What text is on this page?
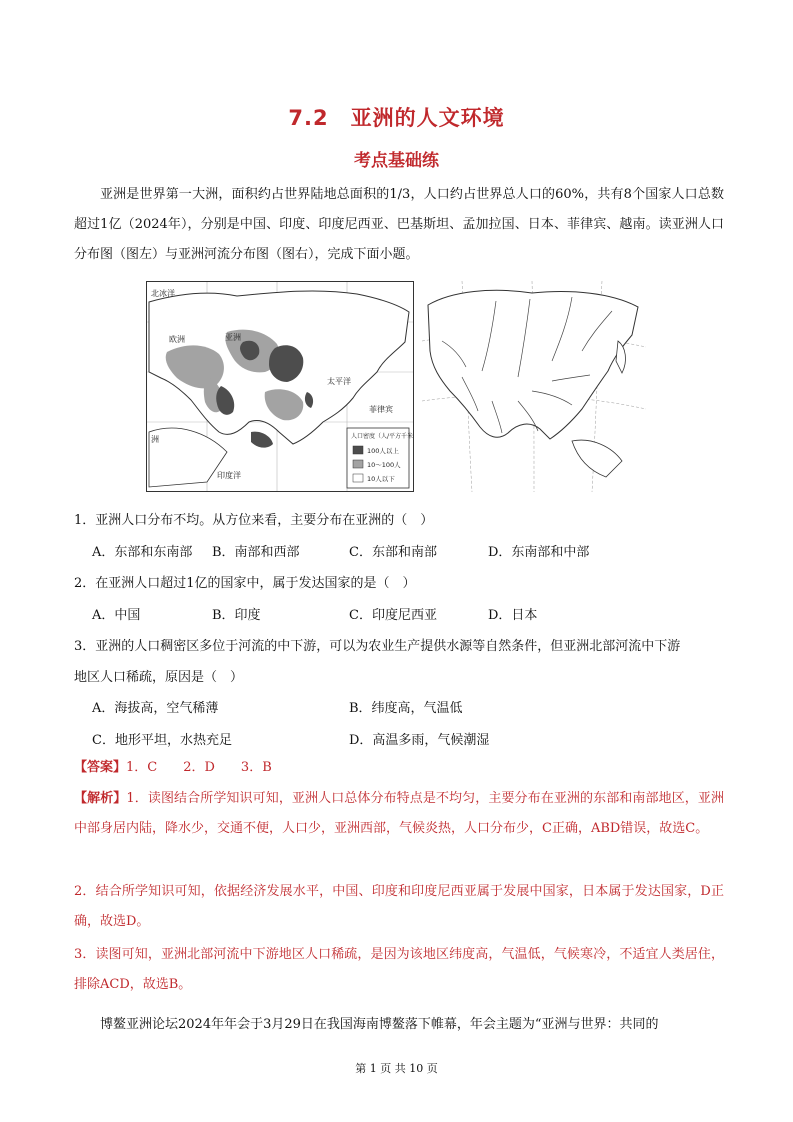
7.2　亚洲的人文环境
考点基础练
亚洲是世界第一大洲，面积约占世界陆地总面积的1/3，人口约占世界总人口的60%，共有8个国家人口总数超过1亿（2024年），分别是中国、印度、印度尼西亚、巴基斯坦、孟加拉国、日本、菲律宾、越南。读亚洲人口分布图（图左）与亚洲河流分布图（图右），完成下面小题。
北冰洋
欧洲	亚洲
太平洋
洲
印度洋
菲律宾
人口密度（人/平方千米）
100人以上
10～100人
10人以下
1．亚洲人口分布不均。从方位来看，主要分布在亚洲的（　）
A．东部和东南部 B．南部和西部	C．东部和南部	D．东南部和中部
2．在亚洲人口超过1亿的国家中，属于发达国家的是（　）
A．中国	B．印度	C．印度尼西亚	D．日本
3．亚洲的人口稠密区多位于河流的中下游，可以为农业生产提供水源等自然条件，但亚洲北部河流中下游
地区人口稀疏，原因是（　）
A．海拔高，空气稀薄	B．纬度高，气温低
C．地形平坦，水热充足	D．高温多雨，气候潮湿
【答案】1．C  2．D  3．B
【解析】1．读图结合所学知识可知，亚洲人口总体分布特点是不均匀，主要分布在亚洲的东部和南部地区，亚洲中部身居内陆，降水少，交通不便，人口少，亚洲西部，气候炎热，人口分布少，C正确，ABD错误，故选C。
2．结合所学知识可知，依据经济发展水平，中国、印度和印度尼西亚属于发展中国家，日本属于发达国家，D正确，故选D。
3．读图可知，亚洲北部河流中下游地区人口稀疏，是因为该地区纬度高，气温低，气候寒冷，不适宜人类居住，排除ACD，故选B。
博鳌亚洲论坛2024年年会于3月29日在我国海南博鳌落下帷幕，年会主题为“亚洲与世界：共同的
第 1 页 共 10 页
